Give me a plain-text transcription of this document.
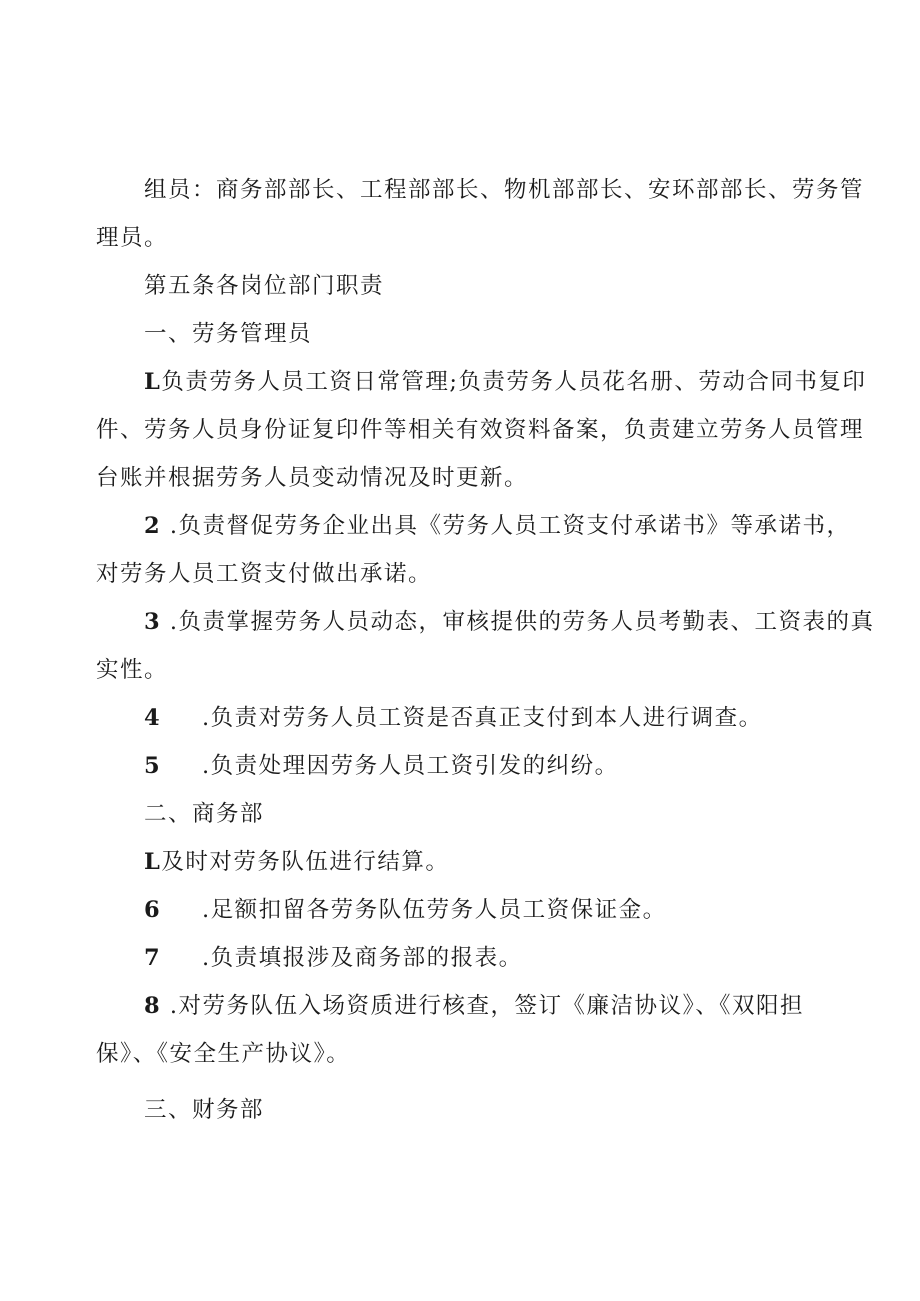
组员：商务部部长、工程部部长、物机部部长、安环部部长、劳务管
理员。

第五条各岗位部门职责

一、劳务管理员

L负责劳务人员工资日常管理;负责劳务人员花名册、劳动合同书复印
件、劳务人员身份证复印件等相关有效资料备案，负责建立劳务人员管理
台账并根据劳务人员变动情况及时更新。

2 .负责督促劳务企业出具《劳务人员工资支付承诺书》等承诺书，
对劳务人员工资支付做出承诺。

3 .负责掌握劳务人员动态，审核提供的劳务人员考勤表、工资表的真
实性。

4 .负责对劳务人员工资是否真正支付到本人进行调查。

5 .负责处理因劳务人员工资引发的纠纷。

二、商务部

L及时对劳务队伍进行结算。

6 .足额扣留各劳务队伍劳务人员工资保证金。

7 .负责填报涉及商务部的报表。

8 .对劳务队伍入场资质进行核查，签订《廉洁协议》、《双阳担
保》、《安全生产协议》。

三、财务部
